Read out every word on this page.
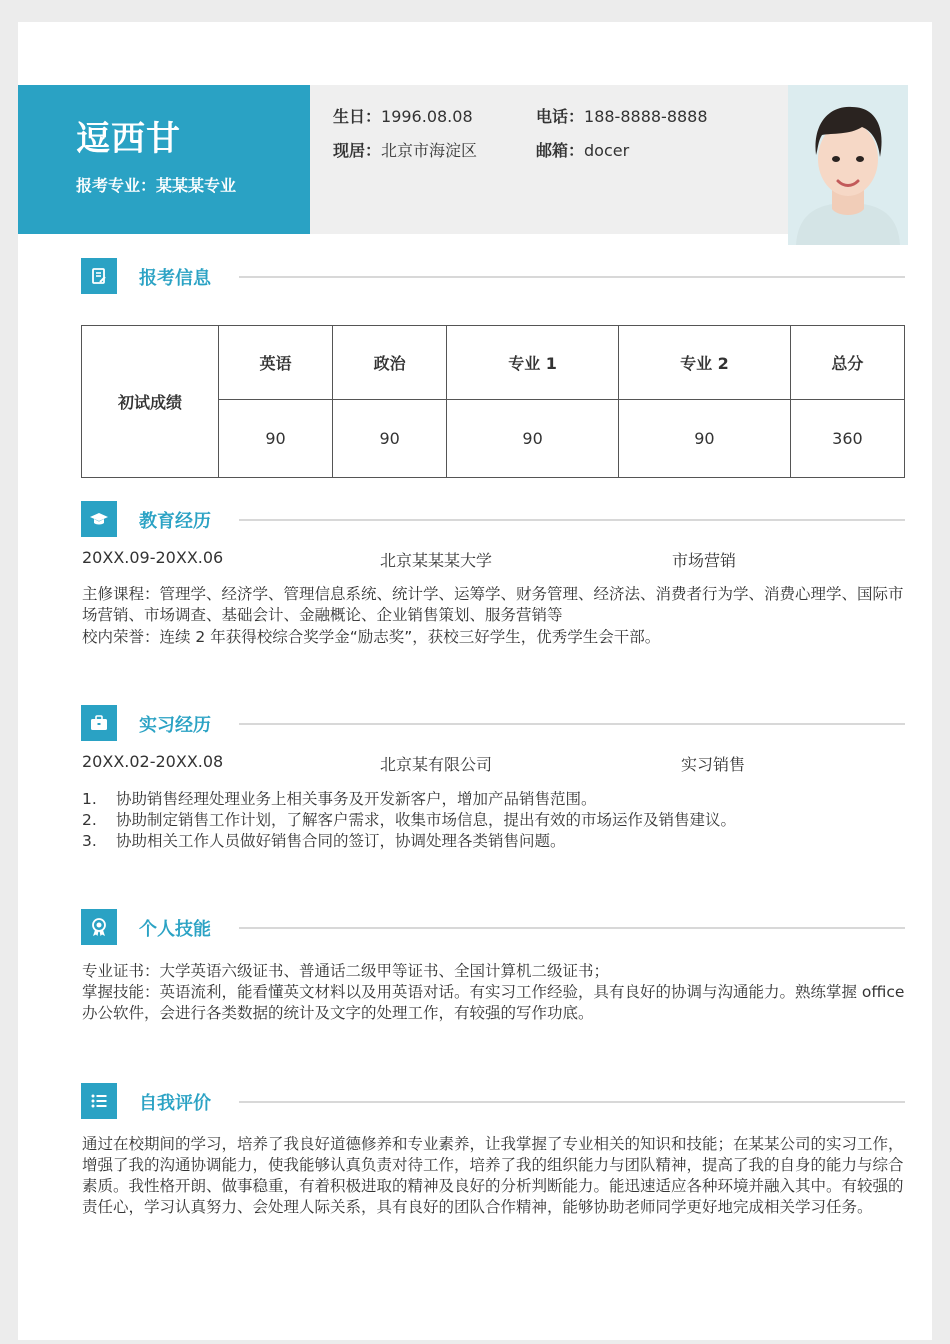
逗西甘
报考专业：某某某专业
生日：1996.08.08	电话：188-8888-8888
现居：北京市海淀区	邮箱：docer
报考信息
初试成绩	英语	政治	专业 1	专业 2	总分
	90	90	90	90	360
教育经历
20XX.09-20XX.06	北京某某某大学	市场营销
主修课程：管理学、经济学、管理信息系统、统计学、运筹学、财务管理、经济法、消费者行为学、消费心理学、国际市场营销、市场调查、基础会计、金融概论、企业销售策划、服务营销等
校内荣誉：连续 2 年获得校综合奖学金“励志奖”，获校三好学生，优秀学生会干部。
实习经历
20XX.02-20XX.08	北京某有限公司	实习销售
1. 协助销售经理处理业务上相关事务及开发新客户，增加产品销售范围。
2. 协助制定销售工作计划，了解客户需求，收集市场信息，提出有效的市场运作及销售建议。
3. 协助相关工作人员做好销售合同的签订，协调处理各类销售问题。
个人技能
专业证书：大学英语六级证书、普通话二级甲等证书、全国计算机二级证书；
掌握技能：英语流利，能看懂英文材料以及用英语对话。有实习工作经验，具有良好的协调与沟通能力。熟练掌握 office 办公软件，会进行各类数据的统计及文字的处理工作，有较强的写作功底。
自我评价
通过在校期间的学习，培养了我良好道德修养和专业素养，让我掌握了专业相关的知识和技能；在某某公司的实习工作，增强了我的沟通协调能力，使我能够认真负责对待工作，培养了我的组织能力与团队精神，提高了我的自身的能力与综合素质。我性格开朗、做事稳重，有着积极进取的精神及良好的分析判断能力。能迅速适应各种环境并融入其中。有较强的责任心，学习认真努力、会处理人际关系，具有良好的团队合作精神，能够协助老师同学更好地完成相关学习任务。
